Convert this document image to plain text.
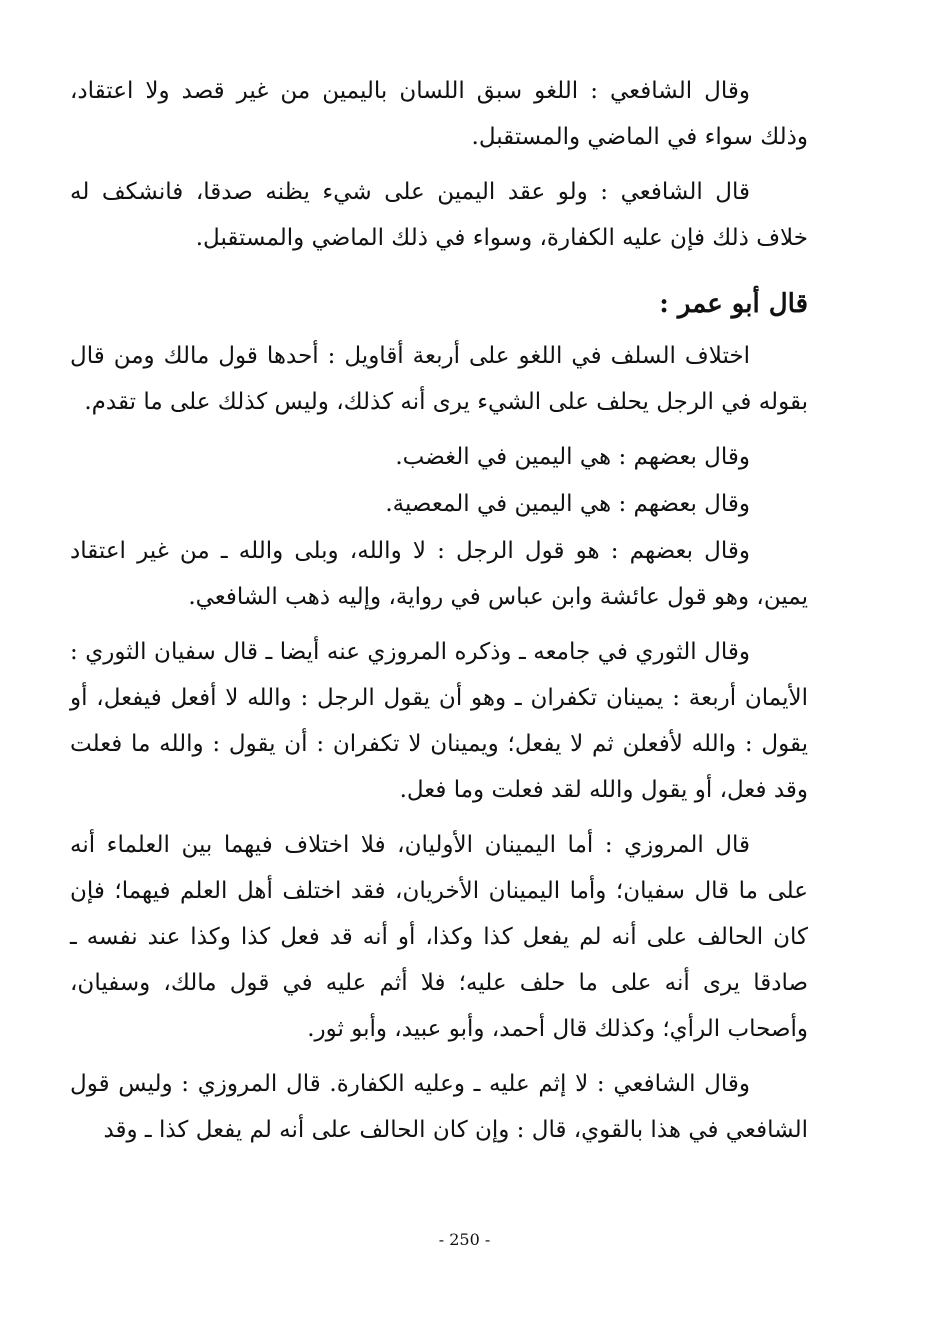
وقال الشافعي : اللغو سبق اللسان باليمين من غير قصد ولا اعتقاد، وذلك سواء في الماضي والمستقبل.

قال الشافعي : ولو عقد اليمين على شيء يظنه صدقا، فانشكف له خلاف ذلك فإن عليه الكفارة، وسواء في ذلك الماضي والمستقبل.

قال أبو عمر :

اختلاف السلف في اللغو على أربعة أقاويل : أحدها قول مالك ومن قال بقوله في الرجل يحلف على الشيء يرى أنه كذلك، وليس كذلك على ما تقدم.

وقال بعضهم : هي اليمين في الغضب.

وقال بعضهم : هي اليمين في المعصية.

وقال بعضهم : هو قول الرجل : لا والله، وبلى والله ـ من غير اعتقاد يمين، وهو قول عائشة وابن عباس في رواية، وإليه ذهب الشافعي.

وقال الثوري في جامعه ـ وذكره المروزي عنه أيضا ـ قال سفيان الثوري : الأيمان أربعة : يمينان تكفران ـ وهو أن يقول الرجل : والله لا أفعل فيفعل، أو يقول : والله لأفعلن ثم لا يفعل؛ ويمينان لا تكفران : أن يقول : والله ما فعلت وقد فعل، أو يقول والله لقد فعلت وما فعل.

قال المروزي : أما اليمينان الأوليان، فلا اختلاف فيهما بين العلماء أنه على ما قال سفيان؛ وأما اليمينان الأخريان، فقد اختلف أهل العلم فيهما؛ فإن كان الحالف على أنه لم يفعل كذا وكذا، أو أنه قد فعل كذا وكذا عند نفسه ـ صادقا يرى أنه على ما حلف عليه؛ فلا أثم عليه في قول مالك، وسفيان، وأصحاب الرأي؛ وكذلك قال أحمد، وأبو عبيد، وأبو ثور.

وقال الشافعي : لا إثم عليه ـ وعليه الكفارة. قال المروزي : وليس قول الشافعي في هذا بالقوي، قال : وإن كان الحالف على أنه لم يفعل كذا ـ وقد

- 250 -
